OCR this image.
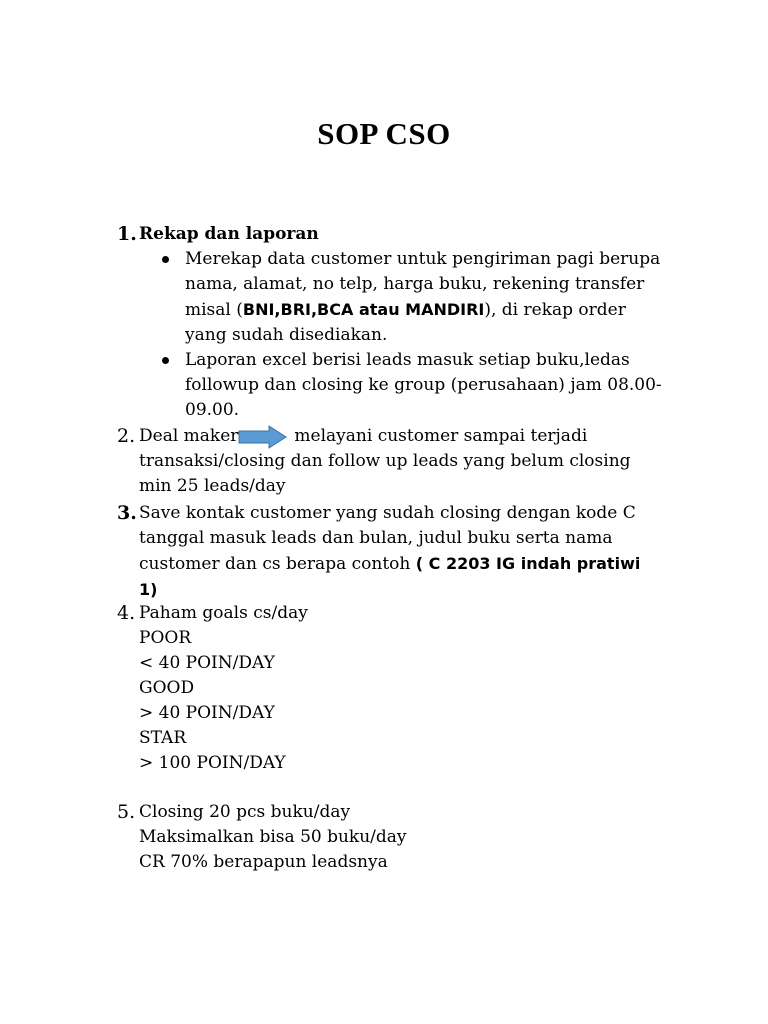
SOP CSO
1. Rekap dan laporan
Merekap data customer untuk pengiriman pagi berupa
nama, alamat, no telp, harga buku, rekening transfer
misal (BNI,BRI,BCA atau MANDIRI), di rekap order
yang sudah disediakan.
Laporan excel berisi leads masuk setiap buku,ledas
followup dan closing ke group (perusahaan) jam 08.00-
09.00.
2. Deal maker	melayani customer sampai terjadi
transaksi/closing dan follow up leads yang belum closing
min 25 leads/day
3. Save kontak customer yang sudah closing dengan kode C
tanggal masuk leads dan bulan, judul buku serta nama
customer dan cs berapa contoh ( C 2203 IG indah pratiwi
1)
4. Paham goals cs/day
POOR
< 40 POIN/DAY
GOOD
> 40 POIN/DAY
STAR
> 100 POIN/DAY
5. Closing 20 pcs buku/day
Maksimalkan bisa 50 buku/day
CR 70% berapapun leadsnya
